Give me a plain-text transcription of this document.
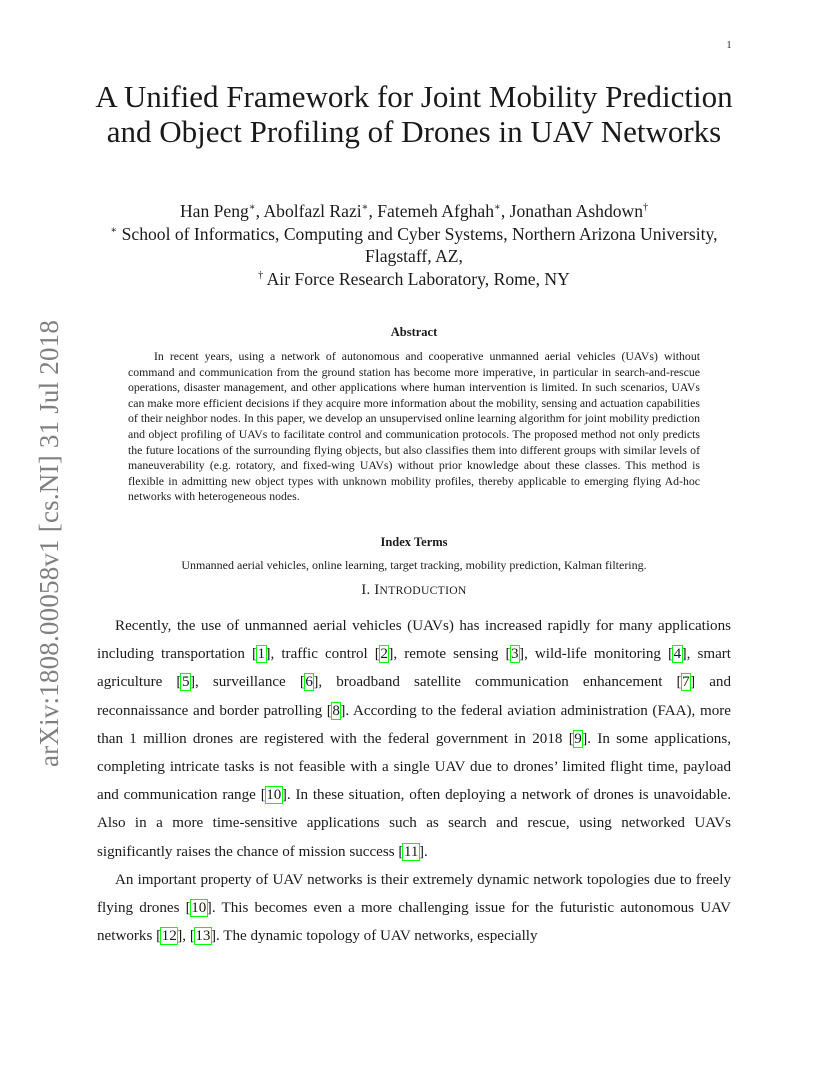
1
arXiv:1808.00058v1 [cs.NI] 31 Jul 2018
A Unified Framework for Joint Mobility Prediction and Object Profiling of Drones in UAV Networks
Han Peng∗, Abolfazl Razi∗, Fatemeh Afghah∗, Jonathan Ashdown†
∗ School of Informatics, Computing and Cyber Systems, Northern Arizona University, Flagstaff, AZ,
† Air Force Research Laboratory, Rome, NY
Abstract
In recent years, using a network of autonomous and cooperative unmanned aerial vehicles (UAVs) without command and communication from the ground station has become more imperative, in particular in search-and-rescue operations, disaster management, and other applications where human intervention is limited. In such scenarios, UAVs can make more efficient decisions if they acquire more information about the mobility, sensing and actuation capabilities of their neighbor nodes. In this paper, we develop an unsupervised online learning algorithm for joint mobility prediction and object profiling of UAVs to facilitate control and communication protocols. The proposed method not only predicts the future locations of the surrounding flying objects, but also classifies them into different groups with similar levels of maneuverability (e.g. rotatory, and fixed-wing UAVs) without prior knowledge about these classes. This method is flexible in admitting new object types with unknown mobility profiles, thereby applicable to emerging flying Ad-hoc networks with heterogeneous nodes.
Index Terms
Unmanned aerial vehicles, online learning, target tracking, mobility prediction, Kalman filtering.
I. INTRODUCTION

Recently, the use of unmanned aerial vehicles (UAVs) has increased rapidly for many applications including transportation [1], traffic control [2], remote sensing [3], wild-life monitoring [4], smart agriculture [5], surveillance [6], broadband satellite communication enhancement [7] and reconnaissance and border patrolling [8]. According to the federal aviation administration (FAA), more than 1 million drones are registered with the federal government in 2018 [9]. In some applications, completing intricate tasks is not feasible with a single UAV due to drones’ limited flight time, payload and communication range [10]. In these situation, often deploying a network of drones is unavoidable. Also in a more time-sensitive applications such as search and rescue, using networked UAVs significantly raises the chance of mission success [11].

An important property of UAV networks is their extremely dynamic network topologies due to freely flying drones [10]. This becomes even a more challenging issue for the futuristic autonomous UAV networks [12], [13]. The dynamic topology of UAV networks, especially
